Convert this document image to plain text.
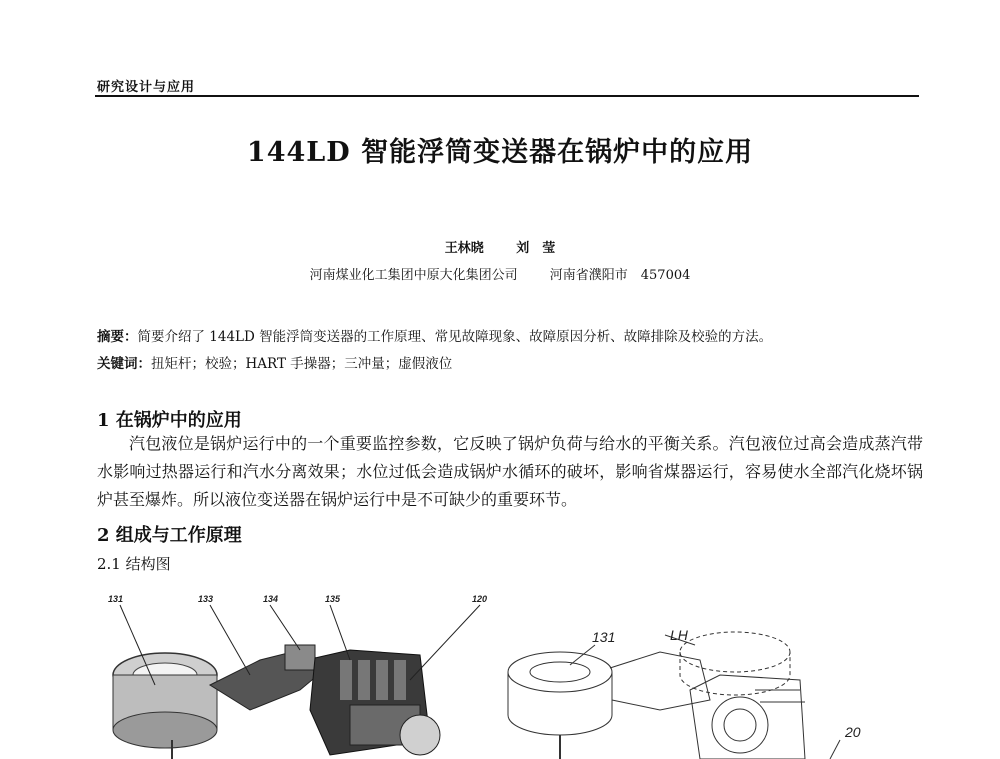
研究设计与应用
144LD 智能浮筒变送器在锅炉中的应用
王林晓	刘　莹
河南煤业化工集团中原大化集团公司 河南省濮阳市　457004
摘要：简要介绍了 144LD 智能浮筒变送器的工作原理、常见故障现象、故障原因分析、故障排除及校验的方法。
关键词：扭矩杆；校验；HART 手操器；三冲量；虚假液位
1 在锅炉中的应用
汽包液位是锅炉运行中的一个重要监控参数，它反映了锅炉负荷与给水的平衡关系。汽包液位过高会造成蒸汽带水影响过热器运行和汽水分离效果；水位过低会造成锅炉水循环的破坏，影响省煤器运行，容易使水全部汽化烧坏锅炉甚至爆炸。所以液位变送器在锅炉运行中是不可缺少的重要环节。
2 组成与工作原理
2.1 结构图
131	133	134	135	120
131	LH
20
